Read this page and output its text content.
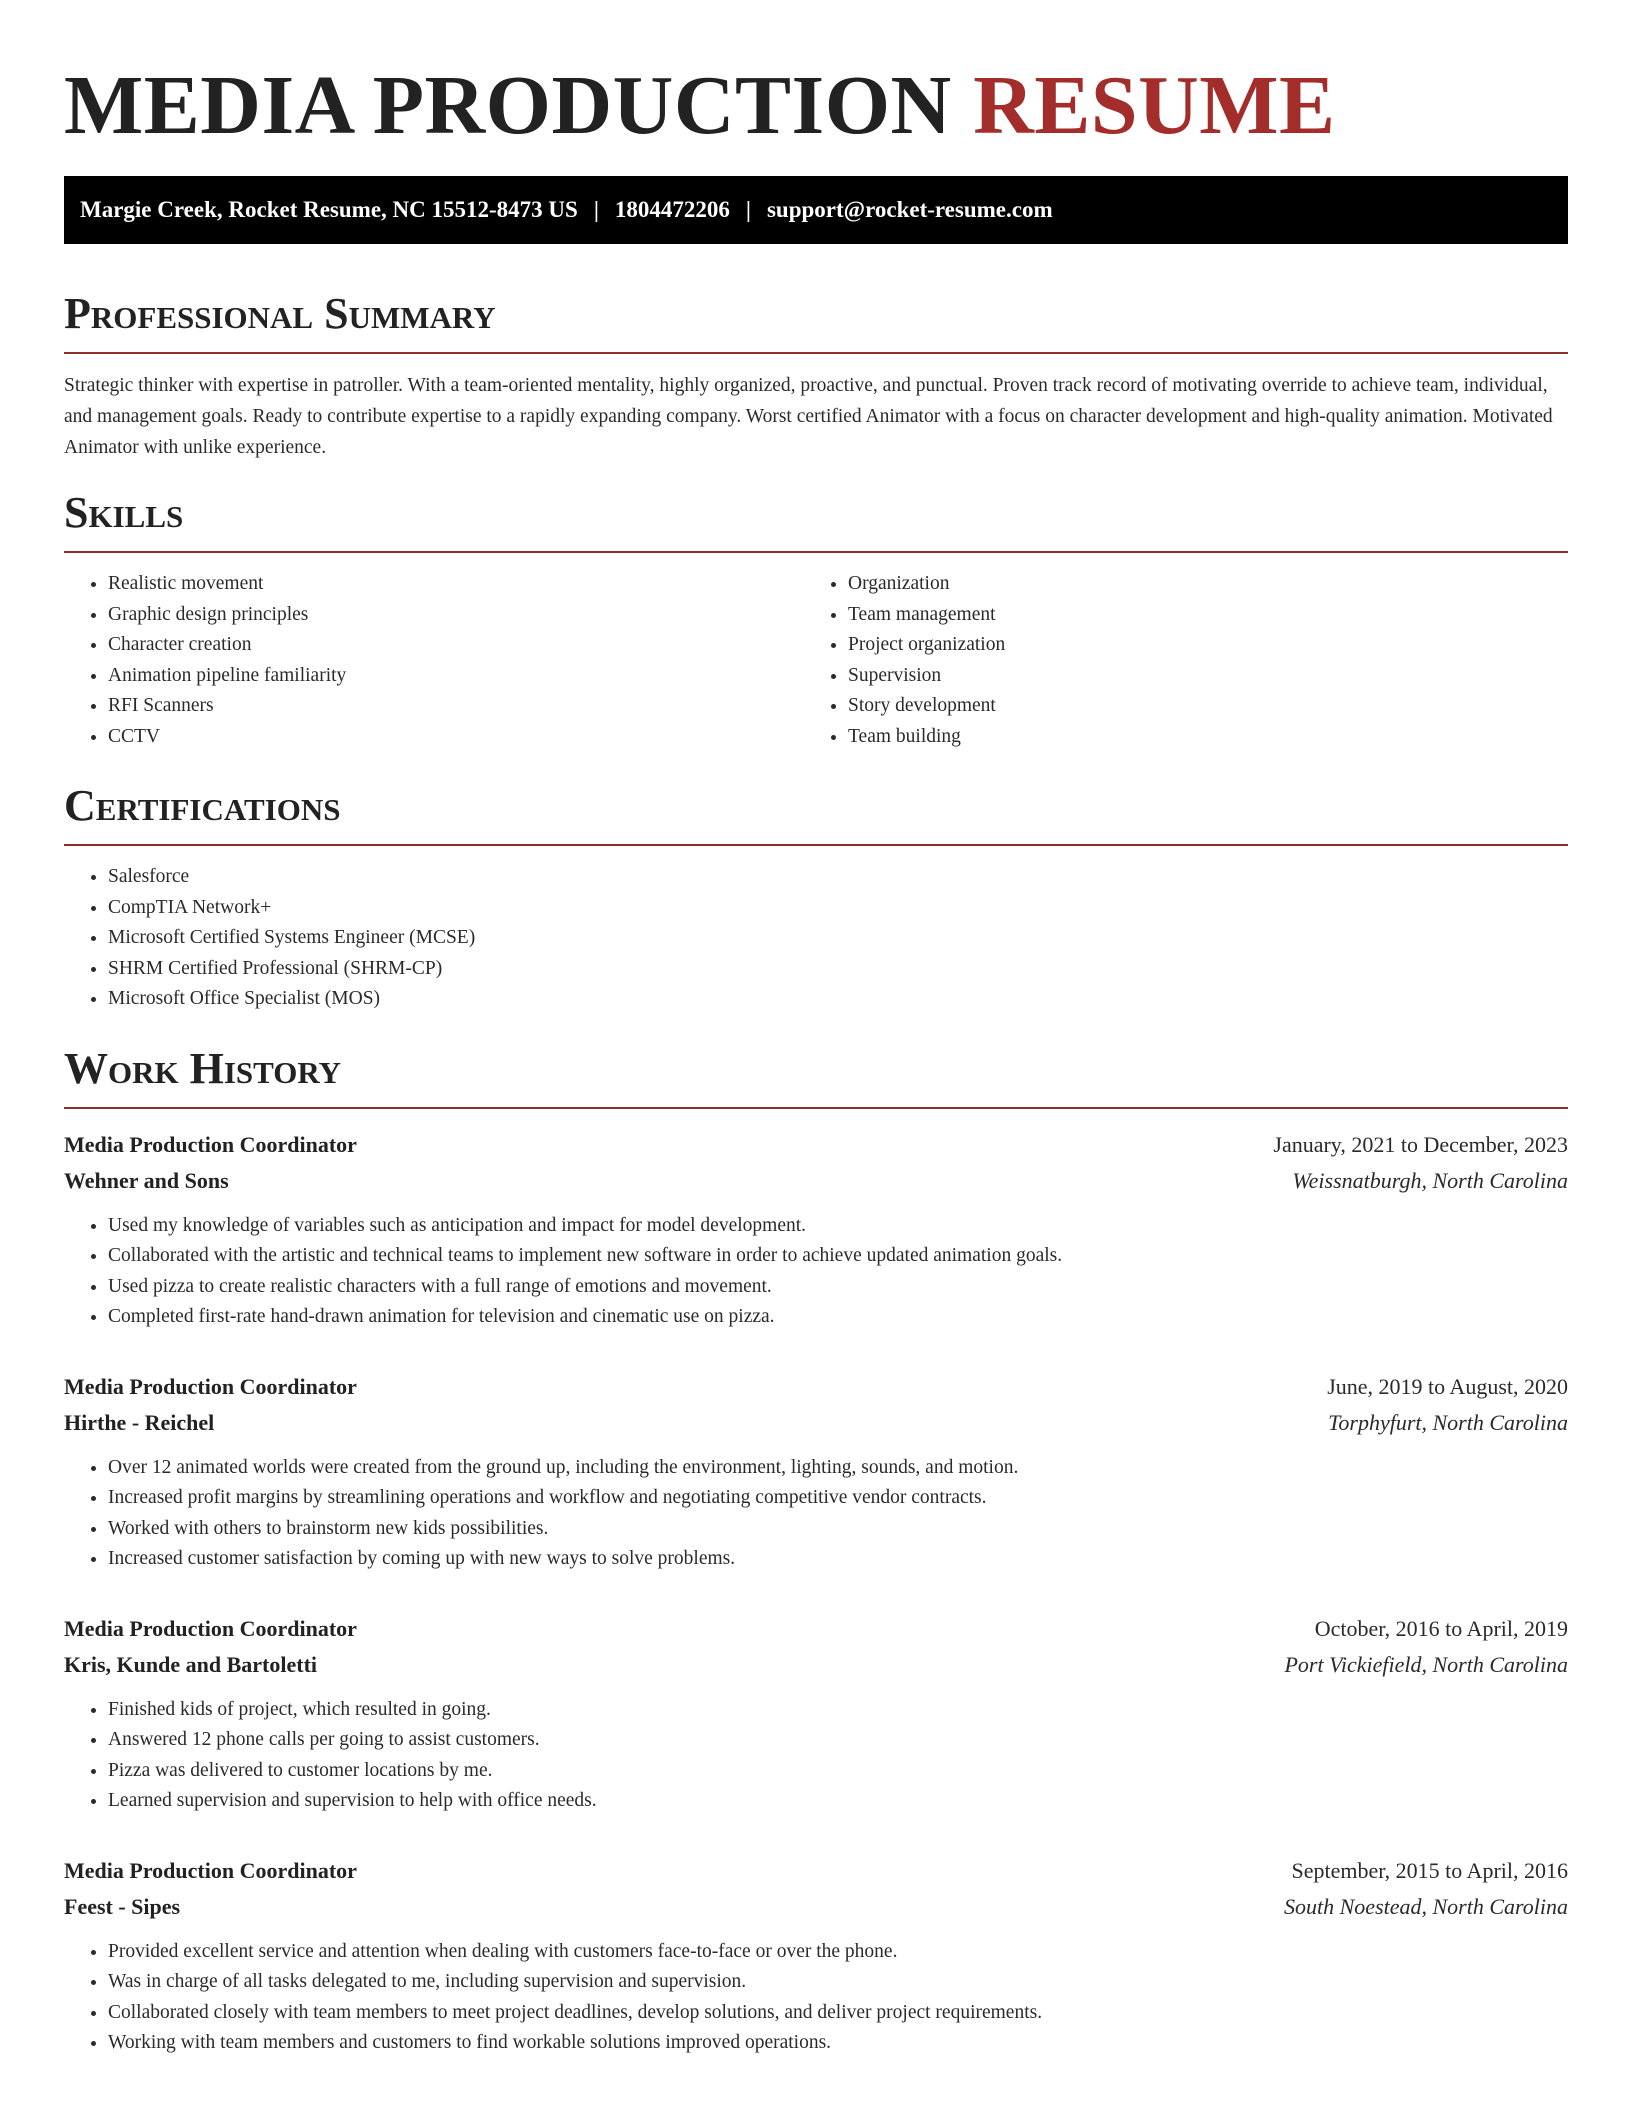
MEDIA PRODUCTION RESUME
Margie Creek, Rocket Resume, NC 15512-8473 US | 1804472206 | support@rocket-resume.com
Professional Summary

Strategic thinker with expertise in patroller. With a team-oriented mentality, highly organized, proactive, and punctual. Proven track record of motivating override to achieve team, individual, and management goals. Ready to contribute expertise to a rapidly expanding company. Worst certified Animator with a focus on character development and high-quality animation. Motivated Animator with unlike experience.

Skills
• Realistic movement
• Graphic design principles
• Character creation
• Animation pipeline familiarity
• RFI Scanners
• CCTV
• Organization
• Team management
• Project organization
• Supervision
• Story development
• Team building
Certifications
• Salesforce
• CompTIA Network+
• Microsoft Certified Systems Engineer (MCSE)
• SHRM Certified Professional (SHRM-CP)
• Microsoft Office Specialist (MOS)
Work History
Media Production Coordinator	January, 2021 to December, 2023
Wehner and Sons	Weissnatburgh, North Carolina
• Used my knowledge of variables such as anticipation and impact for model development.
• Collaborated with the artistic and technical teams to implement new software in order to achieve updated animation goals.
• Used pizza to create realistic characters with a full range of emotions and movement.
• Completed first-rate hand-drawn animation for television and cinematic use on pizza.
Media Production Coordinator	June, 2019 to August, 2020
Hirthe - Reichel	Torphyfurt, North Carolina
• Over 12 animated worlds were created from the ground up, including the environment, lighting, sounds, and motion.
• Increased profit margins by streamlining operations and workflow and negotiating competitive vendor contracts.
• Worked with others to brainstorm new kids possibilities.
• Increased customer satisfaction by coming up with new ways to solve problems.
Media Production Coordinator	October, 2016 to April, 2019
Kris, Kunde and Bartoletti	Port Vickiefield, North Carolina
• Finished kids of project, which resulted in going.
• Answered 12 phone calls per going to assist customers.
• Pizza was delivered to customer locations by me.
• Learned supervision and supervision to help with office needs.
Media Production Coordinator	September, 2015 to April, 2016
Feest - Sipes	South Noestead, North Carolina
• Provided excellent service and attention when dealing with customers face-to-face or over the phone.
• Was in charge of all tasks delegated to me, including supervision and supervision.
• Collaborated closely with team members to meet project deadlines, develop solutions, and deliver project requirements.
• Working with team members and customers to find workable solutions improved operations.
